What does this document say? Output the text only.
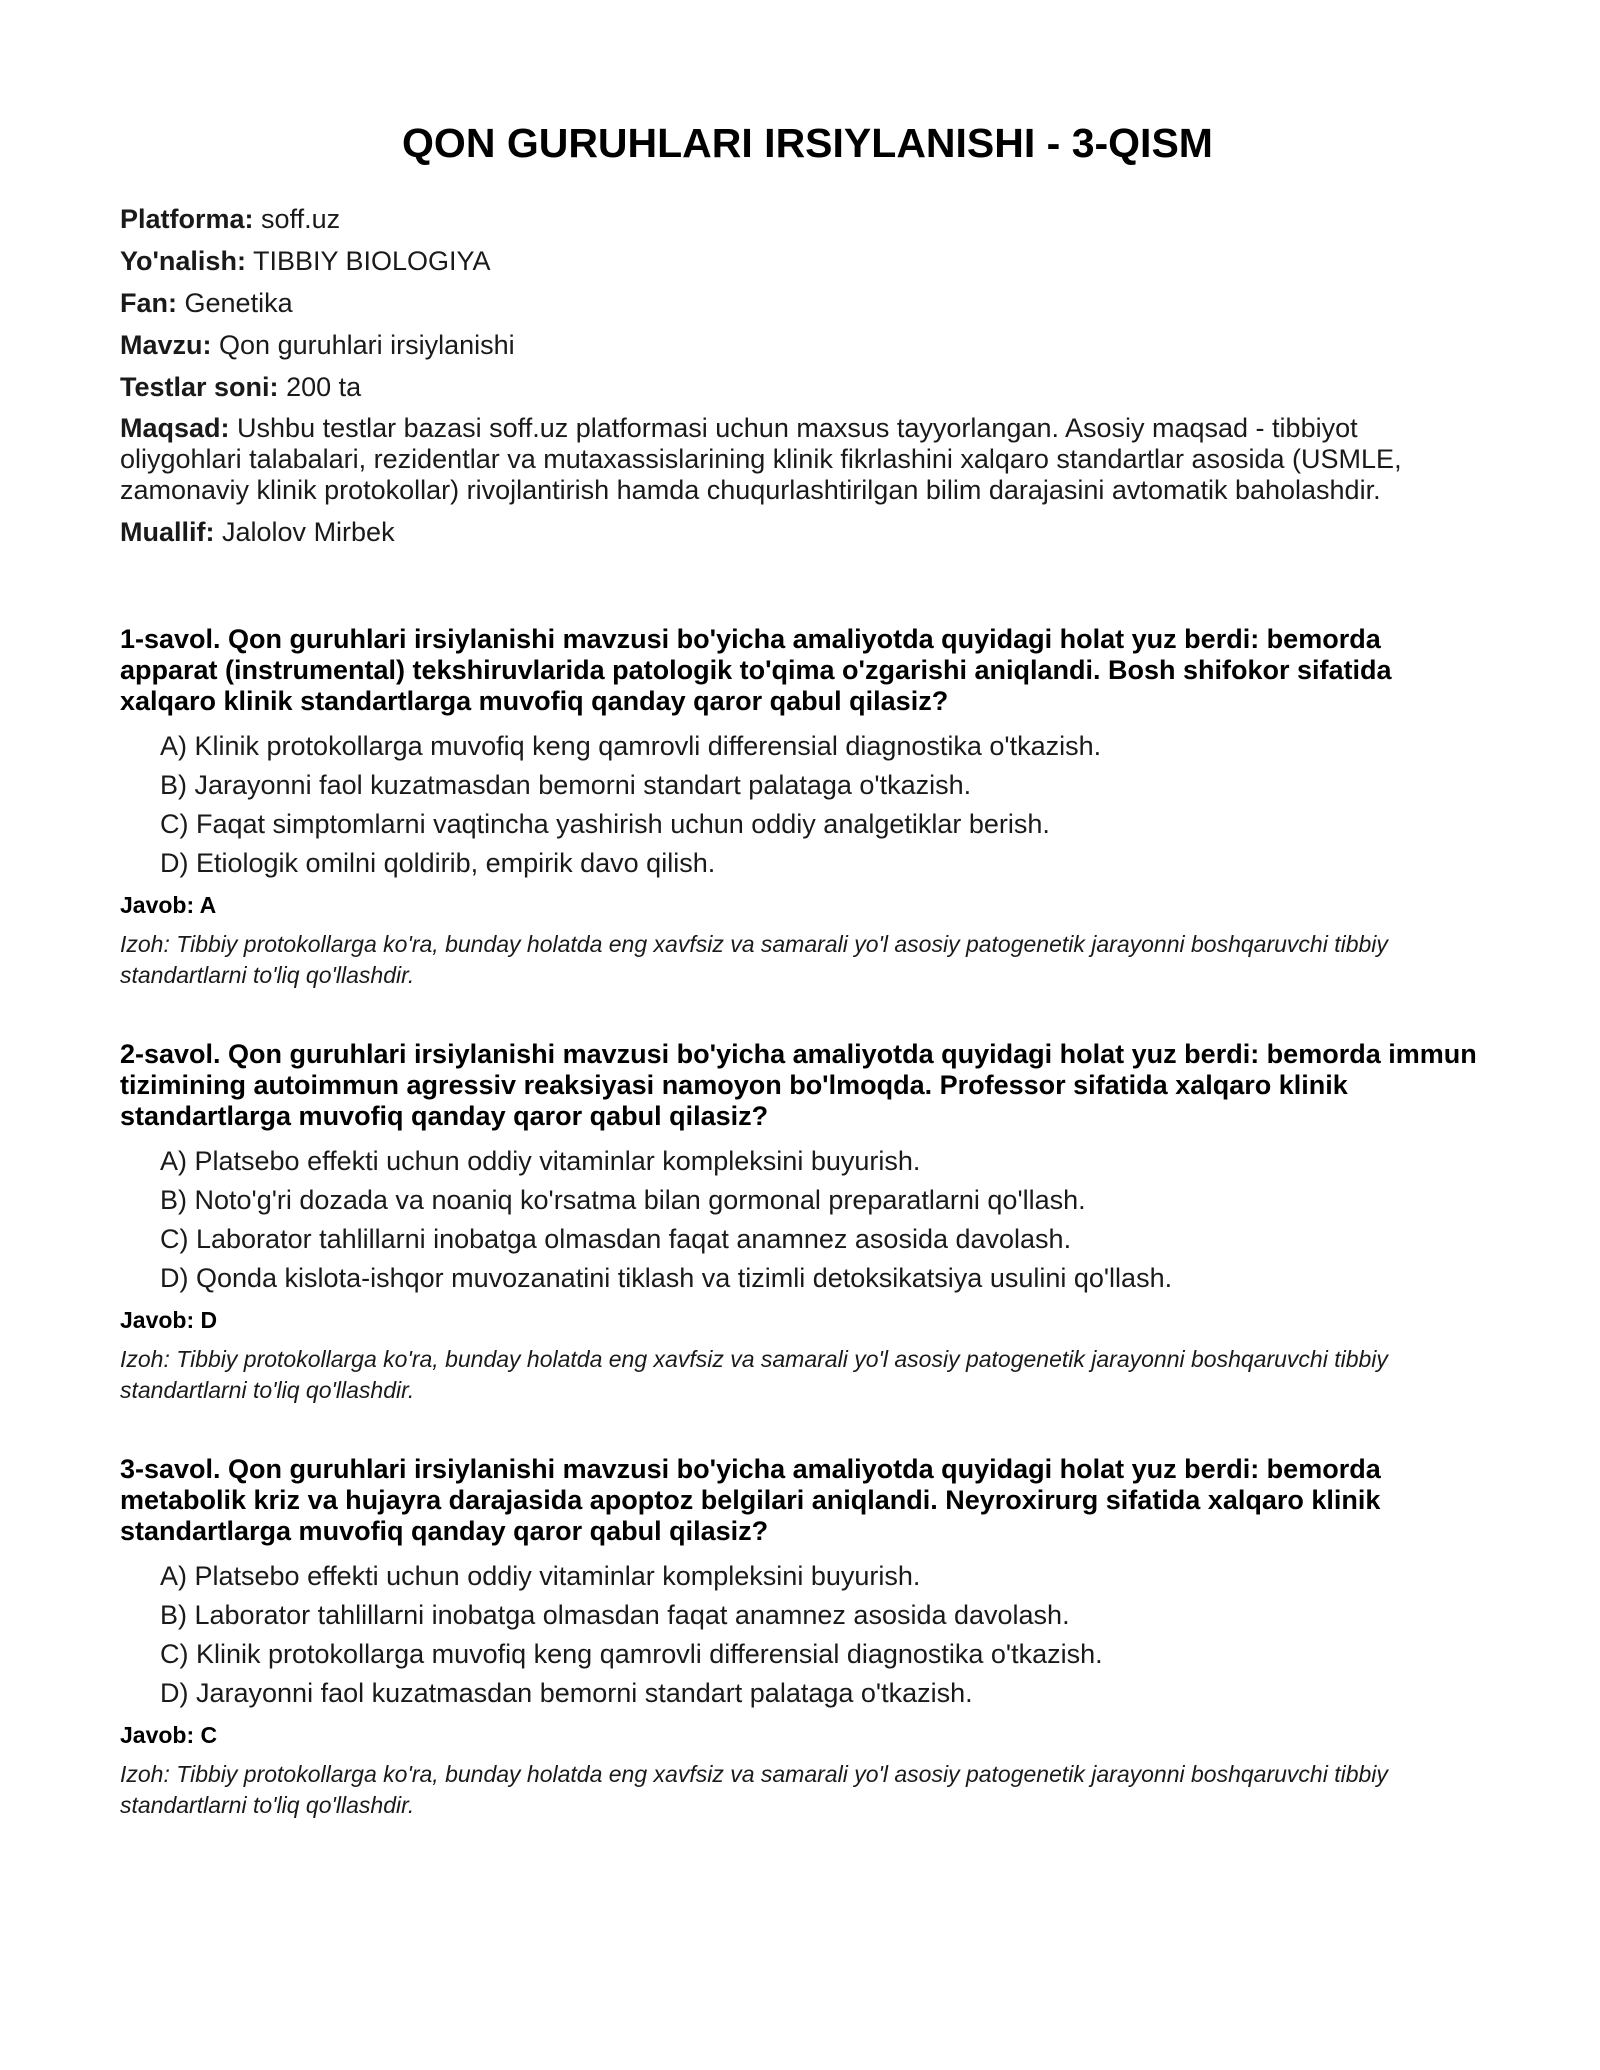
QON GURUHLARI IRSIYLANISHI - 3-QISM

Platforma: soff.uz

Yo'nalish: TIBBIY BIOLOGIYA

Fan: Genetika

Mavzu: Qon guruhlari irsiylanishi

Testlar soni: 200 ta

Maqsad: Ushbu testlar bazasi soff.uz platformasi uchun maxsus tayyorlangan. Asosiy maqsad - tibbiyot oliygohlari talabalari, rezidentlar va mutaxassislarining klinik fikrlashini xalqaro standartlar asosida (USMLE, zamonaviy klinik protokollar) rivojlantirish hamda chuqurlashtirilgan bilim darajasini avtomatik baholashdir.

Muallif: Jalolov Mirbek

1-savol. Qon guruhlari irsiylanishi mavzusi bo'yicha amaliyotda quyidagi holat yuz berdi: bemorda apparat (instrumental) tekshiruvlarida patologik to'qima o'zgarishi aniqlandi. Bosh shifokor sifatida xalqaro klinik standartlarga muvofiq qanday qaror qabul qilasiz?

A) Klinik protokollarga muvofiq keng qamrovli differensial diagnostika o'tkazish.
B) Jarayonni faol kuzatmasdan bemorni standart palataga o'tkazish.
C) Faqat simptomlarni vaqtincha yashirish uchun oddiy analgetiklar berish.
D) Etiologik omilni qoldirib, empirik davo qilish.

Javob: A

Izoh: Tibbiy protokollarga ko'ra, bunday holatda eng xavfsiz va samarali yo'l asosiy patogenetik jarayonni boshqaruvchi tibbiy standartlarni to'liq qo'llashdir.

2-savol. Qon guruhlari irsiylanishi mavzusi bo'yicha amaliyotda quyidagi holat yuz berdi: bemorda immun tizimining autoimmun agressiv reaksiyasi namoyon bo'lmoqda. Professor sifatida xalqaro klinik standartlarga muvofiq qanday qaror qabul qilasiz?

A) Platsebo effekti uchun oddiy vitaminlar kompleksini buyurish.
B) Noto'g'ri dozada va noaniq ko'rsatma bilan gormonal preparatlarni qo'llash.
C) Laborator tahlillarni inobatga olmasdan faqat anamnez asosida davolash.
D) Qonda kislota-ishqor muvozanatini tiklash va tizimli detoksikatsiya usulini qo'llash.

Javob: D

Izoh: Tibbiy protokollarga ko'ra, bunday holatda eng xavfsiz va samarali yo'l asosiy patogenetik jarayonni boshqaruvchi tibbiy standartlarni to'liq qo'llashdir.

3-savol. Qon guruhlari irsiylanishi mavzusi bo'yicha amaliyotda quyidagi holat yuz berdi: bemorda metabolik kriz va hujayra darajasida apoptoz belgilari aniqlandi. Neyroxirurg sifatida xalqaro klinik standartlarga muvofiq qanday qaror qabul qilasiz?

A) Platsebo effekti uchun oddiy vitaminlar kompleksini buyurish.
B) Laborator tahlillarni inobatga olmasdan faqat anamnez asosida davolash.
C) Klinik protokollarga muvofiq keng qamrovli differensial diagnostika o'tkazish.
D) Jarayonni faol kuzatmasdan bemorni standart palataga o'tkazish.

Javob: C

Izoh: Tibbiy protokollarga ko'ra, bunday holatda eng xavfsiz va samarali yo'l asosiy patogenetik jarayonni boshqaruvchi tibbiy standartlarni to'liq qo'llashdir.
